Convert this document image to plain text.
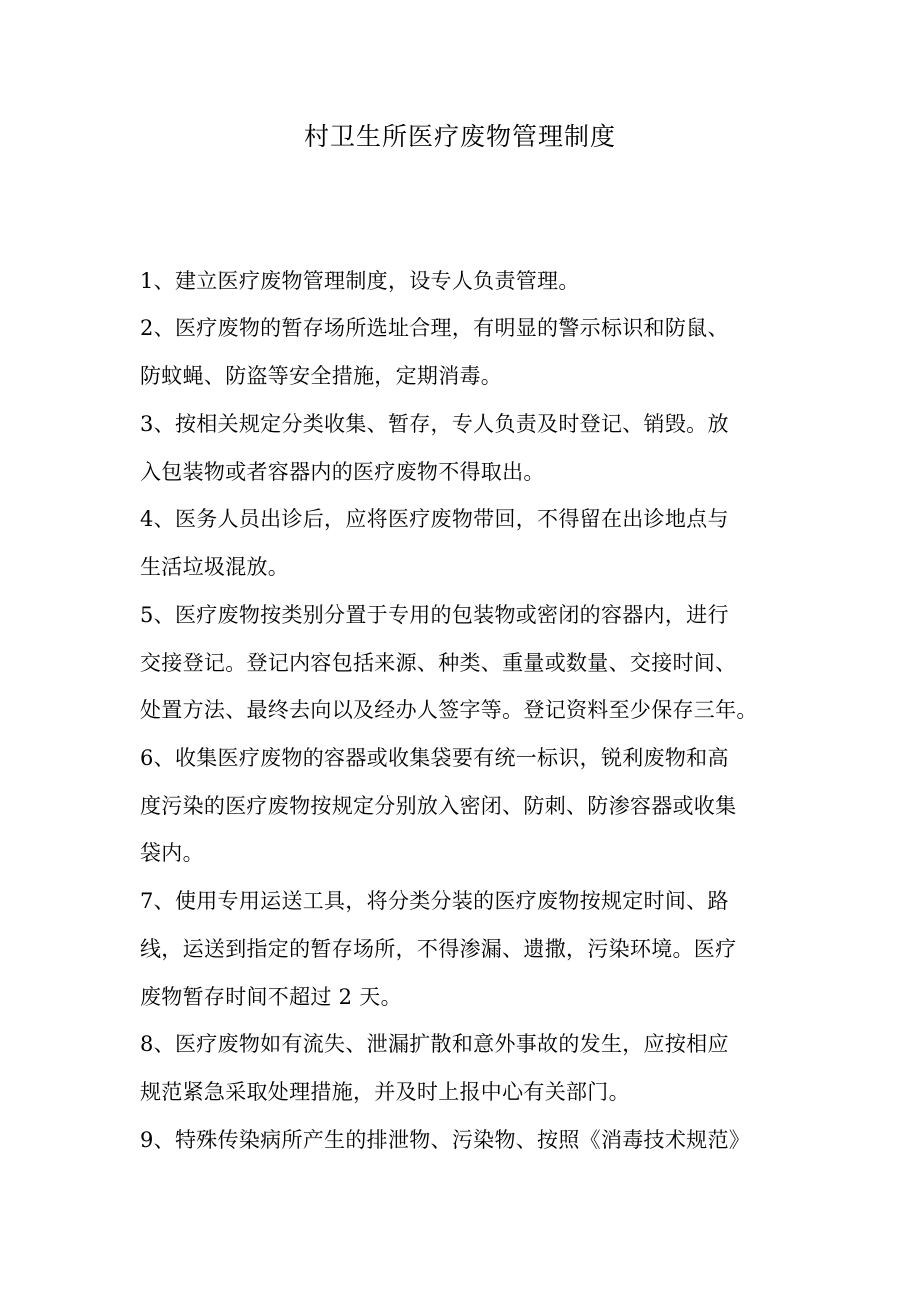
村卫生所医疗废物管理制度
1、建立医疗废物管理制度，设专人负责管理。
2、医疗废物的暂存场所选址合理，有明显的警示标识和防鼠、
防蚊蝇、防盗等安全措施，定期消毒。
3、按相关规定分类收集、暂存，专人负责及时登记、销毁。放
入包装物或者容器内的医疗废物不得取出。
4、医务人员出诊后，应将医疗废物带回，不得留在出诊地点与
生活垃圾混放。
5、医疗废物按类别分置于专用的包装物或密闭的容器内，进行
交接登记。登记内容包括来源、种类、重量或数量、交接时间、
处置方法、最终去向以及经办人签字等。登记资料至少保存三年。
6、收集医疗废物的容器或收集袋要有统一标识，锐利废物和高
度污染的医疗废物按规定分别放入密闭、防刺、防渗容器或收集
袋内。
7、使用专用运送工具，将分类分装的医疗废物按规定时间、路
线，运送到指定的暂存场所，不得渗漏、遗撒，污染环境。医疗
废物暂存时间不超过 2 天。
8、医疗废物如有流失、泄漏扩散和意外事故的发生，应按相应
规范紧急采取处理措施，并及时上报中心有关部门。
9、特殊传染病所产生的排泄物、污染物、按照《消毒技术规范》
